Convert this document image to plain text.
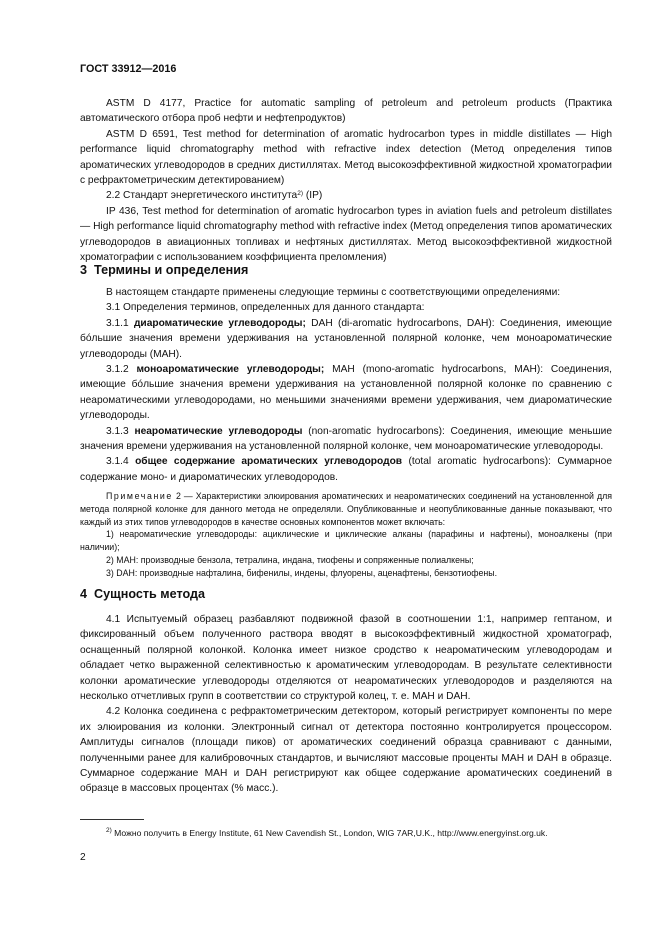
ГОСТ 33912—2016

ASTM D 4177, Practice for automatic sampling of petroleum and petroleum products (Практика автоматического отбора проб нефти и нефтепродуктов)

ASTM D 6591, Test method for determination of aromatic hydrocarbon types in middle distillates — High performance liquid chromatography method with refractive index detection (Метод определения типов ароматических углеводородов в средних дистиллятах. Метод высокоэффективной жидкостной хроматографии с рефрактометрическим детектированием)

2.2 Стандарт энергетического института$^{2)}$ (IP)

IP 436, Test method for determination of aromatic hydrocarbon types in aviation fuels and petroleum distillates — High performance liquid chromatography method with refractive index (Метод определения типов ароматических углеводородов в авиационных топливах и нефтяных дистиллятах. Метод высокоэффективной жидкостной хроматографии с использованием коэффициента преломления)

3 Термины и определения

В настоящем стандарте применены следующие термины с соответствующими определениями:

3.1 Определения терминов, определенных для данного стандарта:

3.1.1 диароматические углеводороды; DAH (di-aromatic hydrocarbons, DAH): Соединения, имеющие бóльшие значения времени удерживания на установленной полярной колонке, чем моноароматические углеводороды (MAH).

3.1.2 моноароматические углеводороды; MAH (mono-aromatic hydrocarbons, MAH): Соединения, имеющие бóльшие значения времени удерживания на установленной полярной колонке по сравнению с неароматическими углеводородами, но меньшими значениями времени удерживания, чем диароматические углеводороды.

3.1.3 неароматические углеводороды (non-aromatic hydrocarbons): Соединения, имеющие меньшие значения времени удерживания на установленной полярной колонке, чем моноароматические углеводороды.

3.1.4 общее содержание ароматических углеводородов (total aromatic hydrocarbons): Суммарное содержание моно- и диароматических углеводородов.

Примечание 2 — Характеристики элюирования ароматических и неароматических соединений на установленной для метода полярной колонке для данного метода не определяли. Опубликованные и неопубликованные данные показывают, что каждый из этих типов углеводородов в качестве основных компонентов может включать:

1) неароматические углеводороды: ациклические и циклические алканы (парафины и нафтены), моноалкены (при наличии);

2) MAH: производные бензола, тетралина, индана, тиофены и сопряженные полиалкены;

3) DAH: производные нафталина, бифенилы, индены, флуорены, аценафтены, бензотиофены.

4 Сущность метода

4.1 Испытуемый образец разбавляют подвижной фазой в соотношении 1:1, например гептаном, и фиксированный объем полученного раствора вводят в высокоэффективный жидкостной хроматограф, оснащенный полярной колонкой. Колонка имеет низкое сродство к неароматическим углеводородам и обладает четко выраженной селективностью к ароматическим углеводородам. В результате селективности колонки ароматические углеводороды отделяются от неароматических углеводородов и разделяются на несколько отчетливых групп в соответствии со структурой колец, т. е. MAH и DAH.

4.2 Колонка соединена с рефрактометрическим детектором, который регистрирует компоненты по мере их элюирования из колонки. Электронный сигнал от детектора постоянно контролируется процессором. Амплитуды сигналов (площади пиков) от ароматических соединений образца сравнивают с данными, полученными ранее для калибровочных стандартов, и вычисляют массовые проценты MAH и DAH в образце. Суммарное содержание MAH и DAH регистрируют как общее содержание ароматических соединений в образце в массовых процентах (% масс.).

$^{2)}$ Можно получить в Energy Institute, 61 New Cavendish St., London, WIG 7AR,U.K., http://www.energyinst.org.uk.
2
